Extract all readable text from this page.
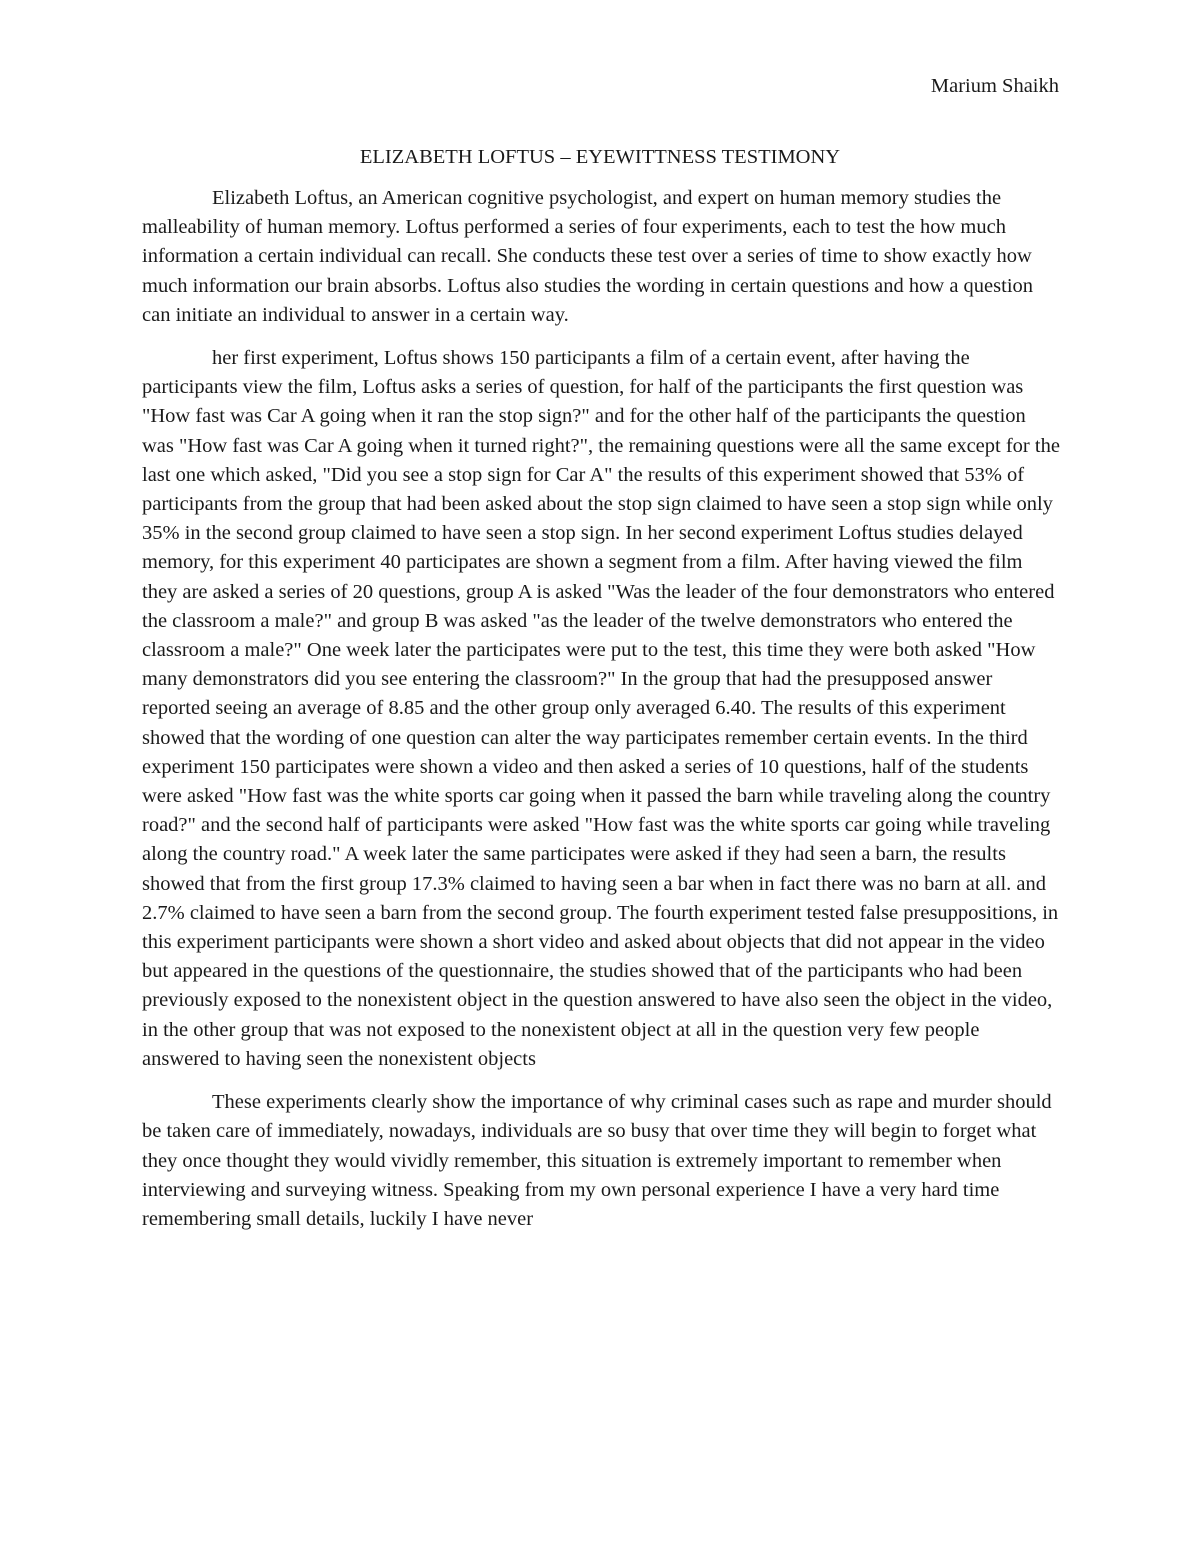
Marium Shaikh
ELIZABETH LOFTUS – EYEWITTNESS TESTIMONY

Elizabeth Loftus, an American cognitive psychologist, and expert on human memory studies the malleability of human memory. Loftus performed a series of four experiments, each to test the how much information a certain individual can recall. She conducts these test over a series of time to show exactly how much information our brain absorbs. Loftus also studies the wording in certain questions and how a question can initiate an individual to answer in a certain way.

her first experiment, Loftus shows 150 participants a film of a certain event, after having the participants view the film, Loftus asks a series of question, for half of the participants the first question was "How fast was Car A going when it ran the stop sign?" and for the other half of the participants the question was "How fast was Car A going when it turned right?", the remaining questions were all the same except for the last one which asked, "Did you see a stop sign for Car A" the results of this experiment showed that 53% of participants from the group that had been asked about the stop sign claimed to have seen a stop sign while only 35% in the second group claimed to have seen a stop sign. In her second experiment Loftus studies delayed memory, for this experiment 40 participates are shown a segment from a film. After having viewed the film they are asked a series of 20 questions, group A is asked "Was the leader of the four demonstrators who entered the classroom a male?" and group B was asked "as the leader of the twelve demonstrators who entered the classroom a male?" One week later the participates were put to the test, this time they were both asked "How many demonstrators did you see entering the classroom?" In the group that had the presupposed answer reported seeing an average of 8.85 and the other group only averaged 6.40. The results of this experiment showed that the wording of one question can alter the way participates remember certain events. In the third experiment 150 participates were shown a video and then asked a series of 10 questions, half of the students were asked "How fast was the white sports car going when it passed the barn while traveling along the country road?" and the second half of participants were asked "How fast was the white sports car going while traveling along the country road." A week later the same participates were asked if they had seen a barn, the results showed that from the first group 17.3% claimed to having seen a bar when in fact there was no barn at all. and 2.7% claimed to have seen a barn from the second group. The fourth experiment tested false presuppositions, in this experiment participants were shown a short video and asked about objects that did not appear in the video but appeared in the questions of the questionnaire, the studies showed that of the participants who had been previously exposed to the nonexistent object in the question answered to have also seen the object in the video, in the other group that was not exposed to the nonexistent object at all in the question very few people answered to having seen the nonexistent objects

These experiments clearly show the importance of why criminal cases such as rape and murder should be taken care of immediately, nowadays, individuals are so busy that over time they will begin to forget what they once thought they would vividly remember, this situation is extremely important to remember when interviewing and surveying witness. Speaking from my own personal experience I have a very hard time remembering small details, luckily I have never
